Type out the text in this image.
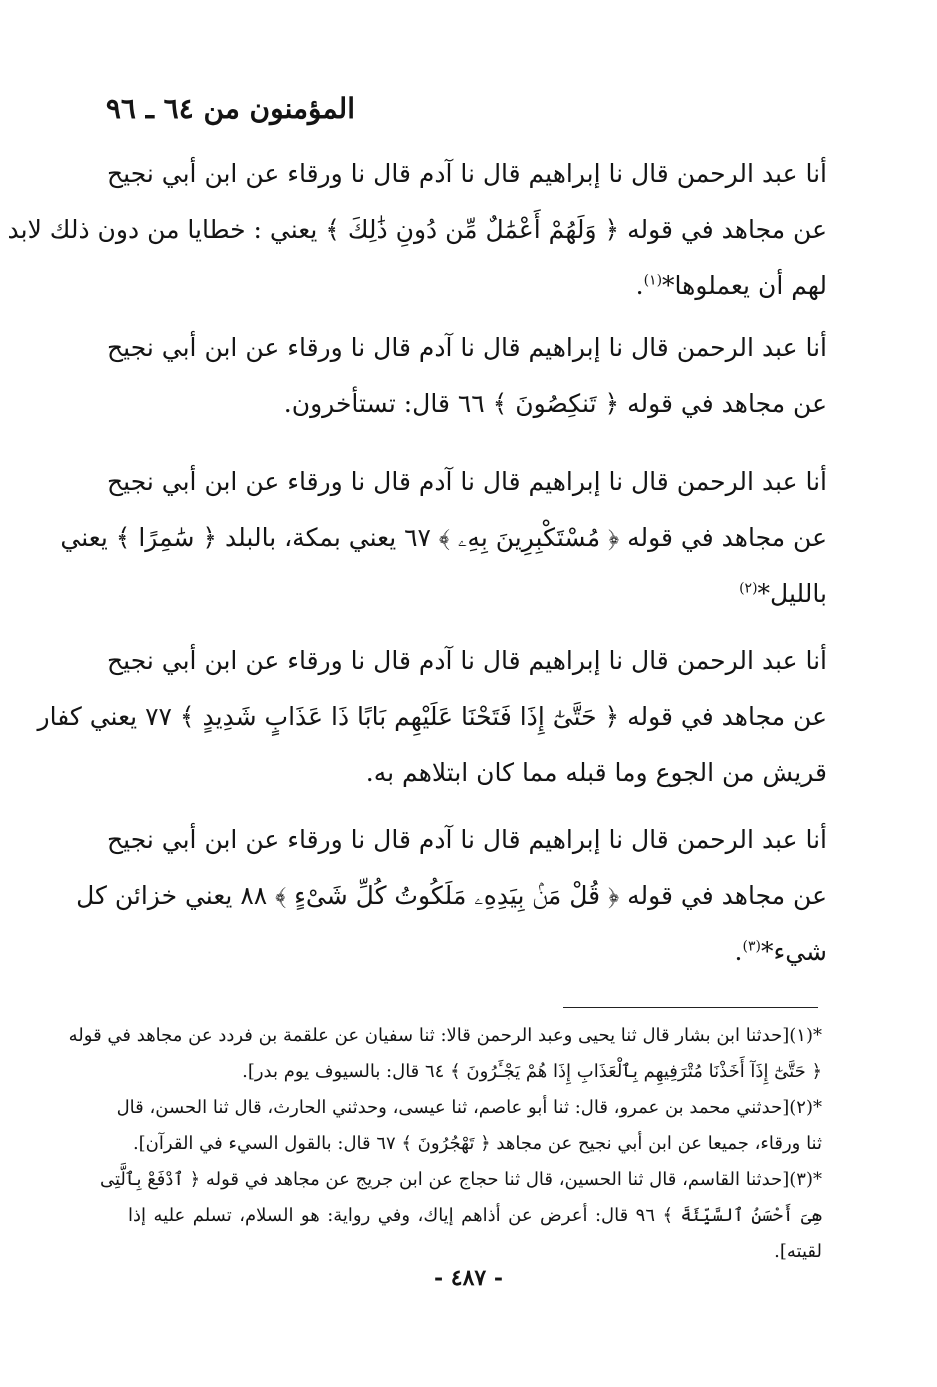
المؤمنون من ٦٤ ـ ٩٦
أنا عبد الرحمن قال نا إبراهيم قال نا آدم قال نا ورقاء عن ابن أبي نجيح
عن مجاهد في قوله ﴿ وَلَهُمْ أَعْمَٰلٌ مِّن دُونِ ذَٰلِكَ ﴾ يعني : خطايا من دون ذلك لابد
لهم أن يعملوها*$^{(١)}$.
أنا عبد الرحمن قال نا إبراهيم قال نا آدم قال نا ورقاء عن ابن أبي نجيح
عن مجاهد في قوله ﴿ تَنكِصُونَ ﴾ ٦٦ قال: تستأخرون.
أنا عبد الرحمن قال نا إبراهيم قال نا آدم قال نا ورقاء عن ابن أبي نجيح
عن مجاهد في قوله ﴿ مُسْتَكْبِرِينَ بِهِۦ ﴾ ٦٧ يعني بمكة، بالبلد ﴿ سَٰمِرًا ﴾ يعني
بالليل*$^{(٢)}$
أنا عبد الرحمن قال نا إبراهيم قال نا آدم قال نا ورقاء عن ابن أبي نجيح
عن مجاهد في قوله ﴿ حَتَّىٰٓ إِذَا فَتَحْنَا عَلَيْهِم بَابًا ذَا عَذَابٍ شَدِيدٍ ﴾ ٧٧ يعني كفار
قريش من الجوع وما قبله مما كان ابتلاهم به.
أنا عبد الرحمن قال نا إبراهيم قال نا آدم قال نا ورقاء عن ابن أبي نجيح
عن مجاهد في قوله ﴿ قُلْ مَنۢ بِيَدِهِۦ مَلَكُوتُ كُلِّ شَىْءٍ ﴾ ٨٨ يعني خزائن كل
شيء*$^{(٣)}$.
*(١)[حدثنا ابن بشار قال ثنا يحيى وعبد الرحمن قالا: ثنا سفيان عن علقمة بن فردد عن مجاهد في قوله
﴿ حَتَّىٰٓ إِذَآ أَخَذْنَا مُتْرَفِيهِم بِٱلْعَذَابِ إِذَا هُمْ يَجْـَٔرُونَ ﴾ ٦٤ قال: بالسيوف يوم بدر].
*(٢)[حدثني محمد بن عمرو، قال: ثنا أبو عاصم، ثنا عيسى، وحدثني الحارث، قال ثنا الحسن، قال
ثنا ورقاء، جميعا عن ابن أبي نجيح عن مجاهد ﴿ تَهْجُرُونَ ﴾ ٦٧ قال: بالقول السيء في القرآن].
*(٣)[حدثنا القاسم، قال ثنا الحسين، قال ثنا حجاج عن ابن جريج عن مجاهد في قوله ﴿ ٱدْفَعْ بِٱلَّتِى
هِىَ أَحْسَنُ ٱلسَّيِّئَةَ ﴾ ٩٦ قال: أعرض عن أذاهم إياك، وفي رواية: هو السلام، تسلم عليه إذا
لقيته].
- ٤٨٧ -
